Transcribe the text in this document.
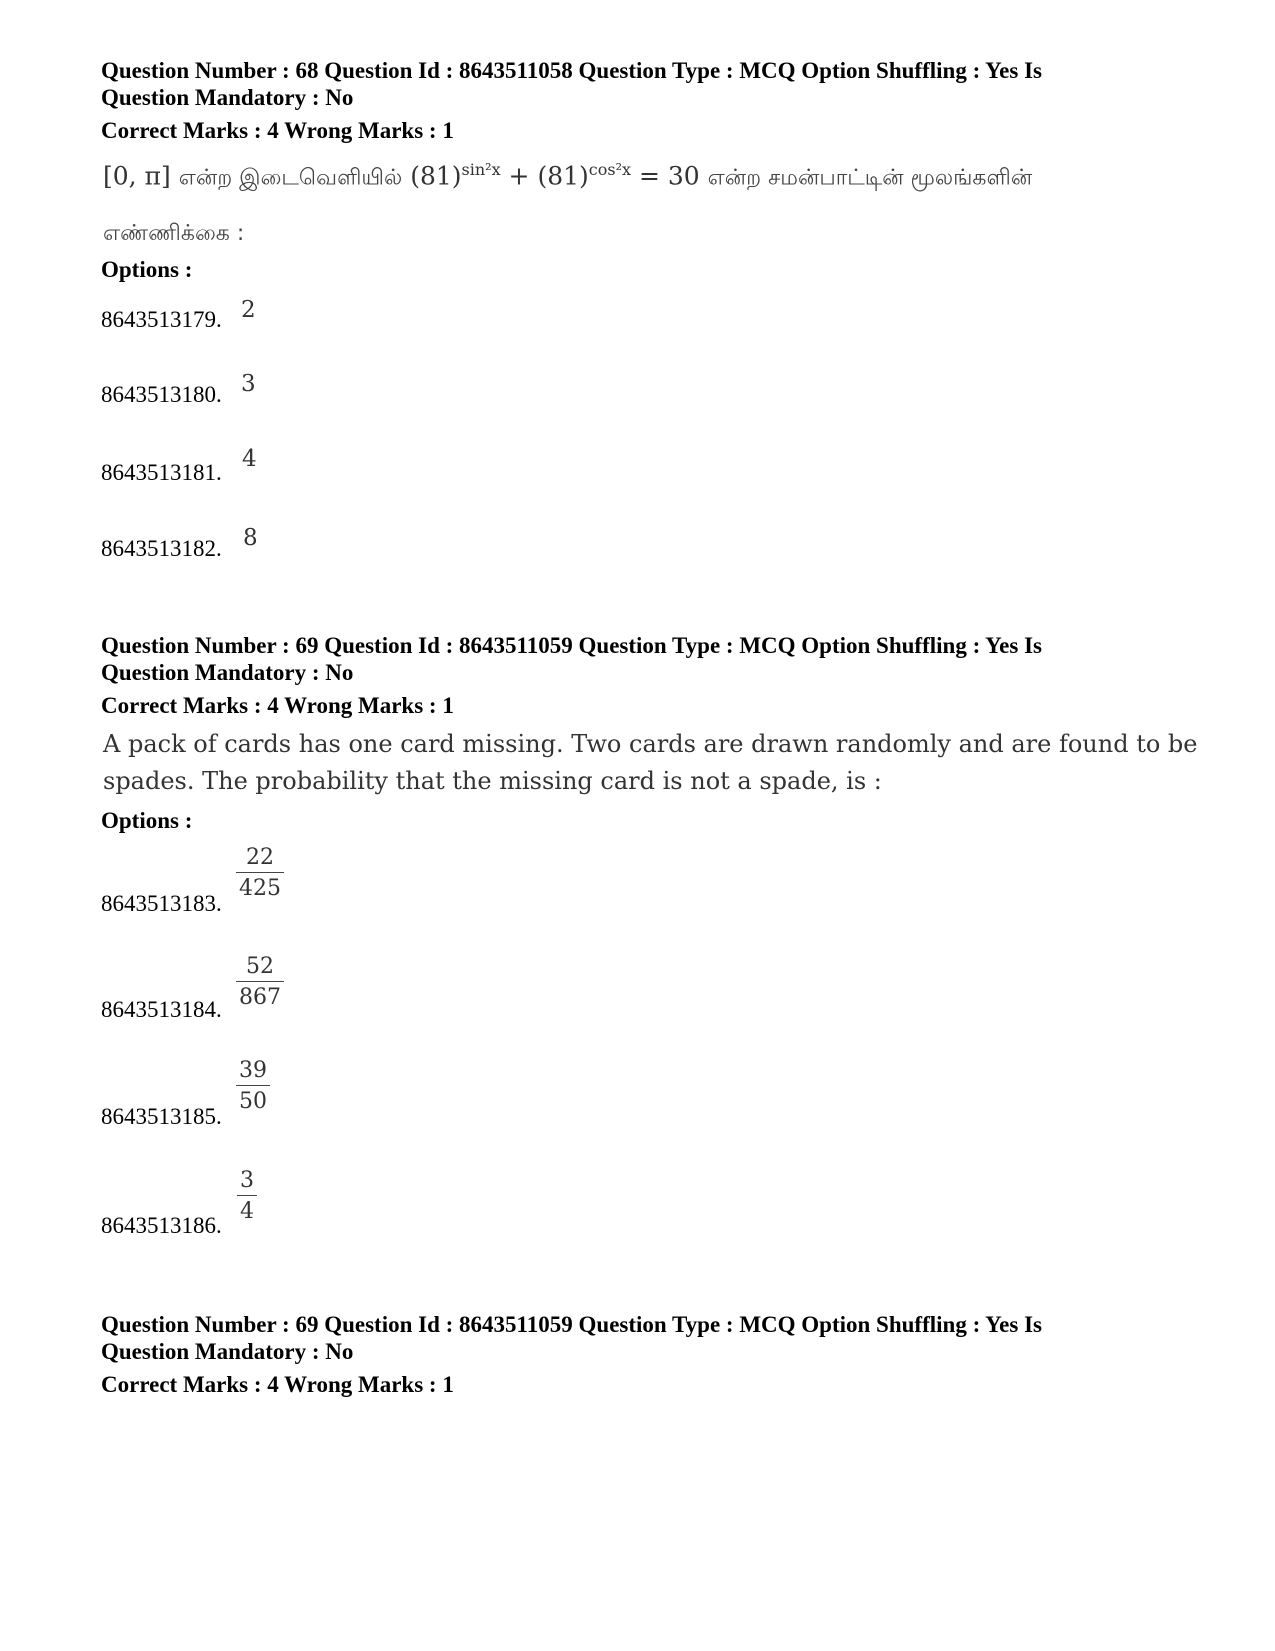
Question Number : 68 Question Id : 8643511058 Question Type : MCQ Option Shuffling : Yes Is
Question Mandatory : No
Correct Marks : 4 Wrong Marks : 1
[0, π] என்ற இடைவெளியில் $(81)^{sin^2x} + (81)^{cos^2x} = 30$ என்ற சமன்பாட்டின் மூலங்களின்
எண்ணிக்கை :
Options :
8643513179. 2
8643513180. 3
8643513181.
4
8643513182. 8
Question Number : 69 Question Id : 8643511059 Question Type : MCQ Option Shuffling : Yes Is
Question Mandatory : No
Correct Marks : 4 Wrong Marks : 1
A pack of cards has one card missing. Two cards are drawn randomly and are found to be
spades. The probability that the missing card is not a spade, is :
Options :
8643513183.
$\frac{22}{425}$
8643513184. $\frac{52}{867}$
8643513185.
$\frac{39}{50}$
8643513186.
$\frac{3}{4}$
Question Number : 69 Question Id : 8643511059 Question Type : MCQ Option Shuffling : Yes Is
Question Mandatory : No
Correct Marks : 4 Wrong Marks : 1
